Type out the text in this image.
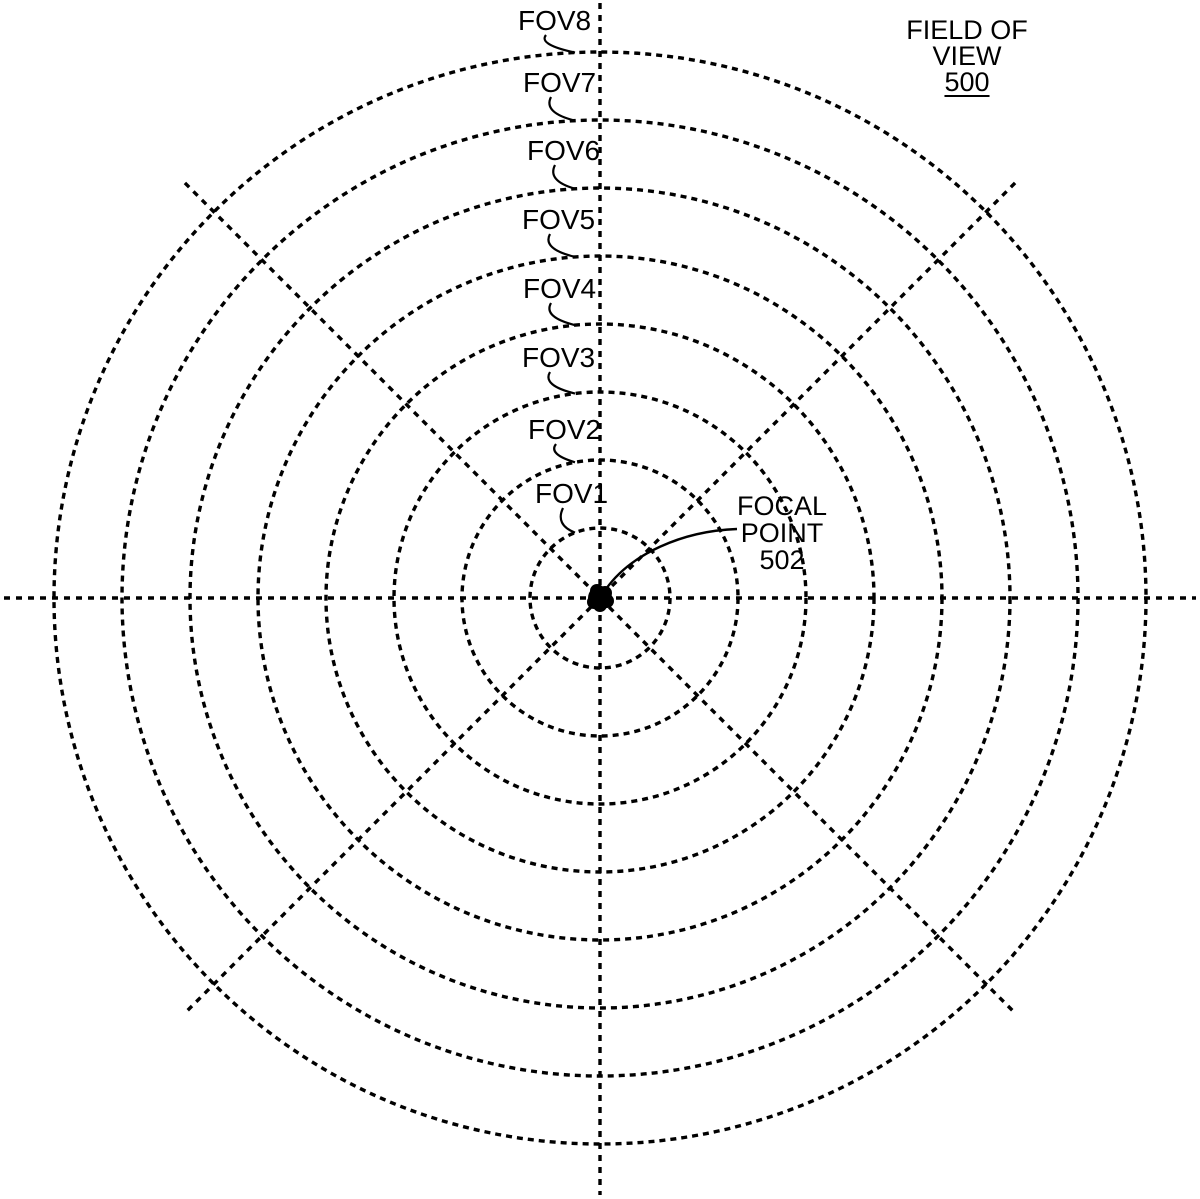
FOV1
FOV2
FOV3
FOV4
FOV5
FOV6
FOV7
FOV8	FIELD OF
VIEW
500
FOCAL
POINT
502
